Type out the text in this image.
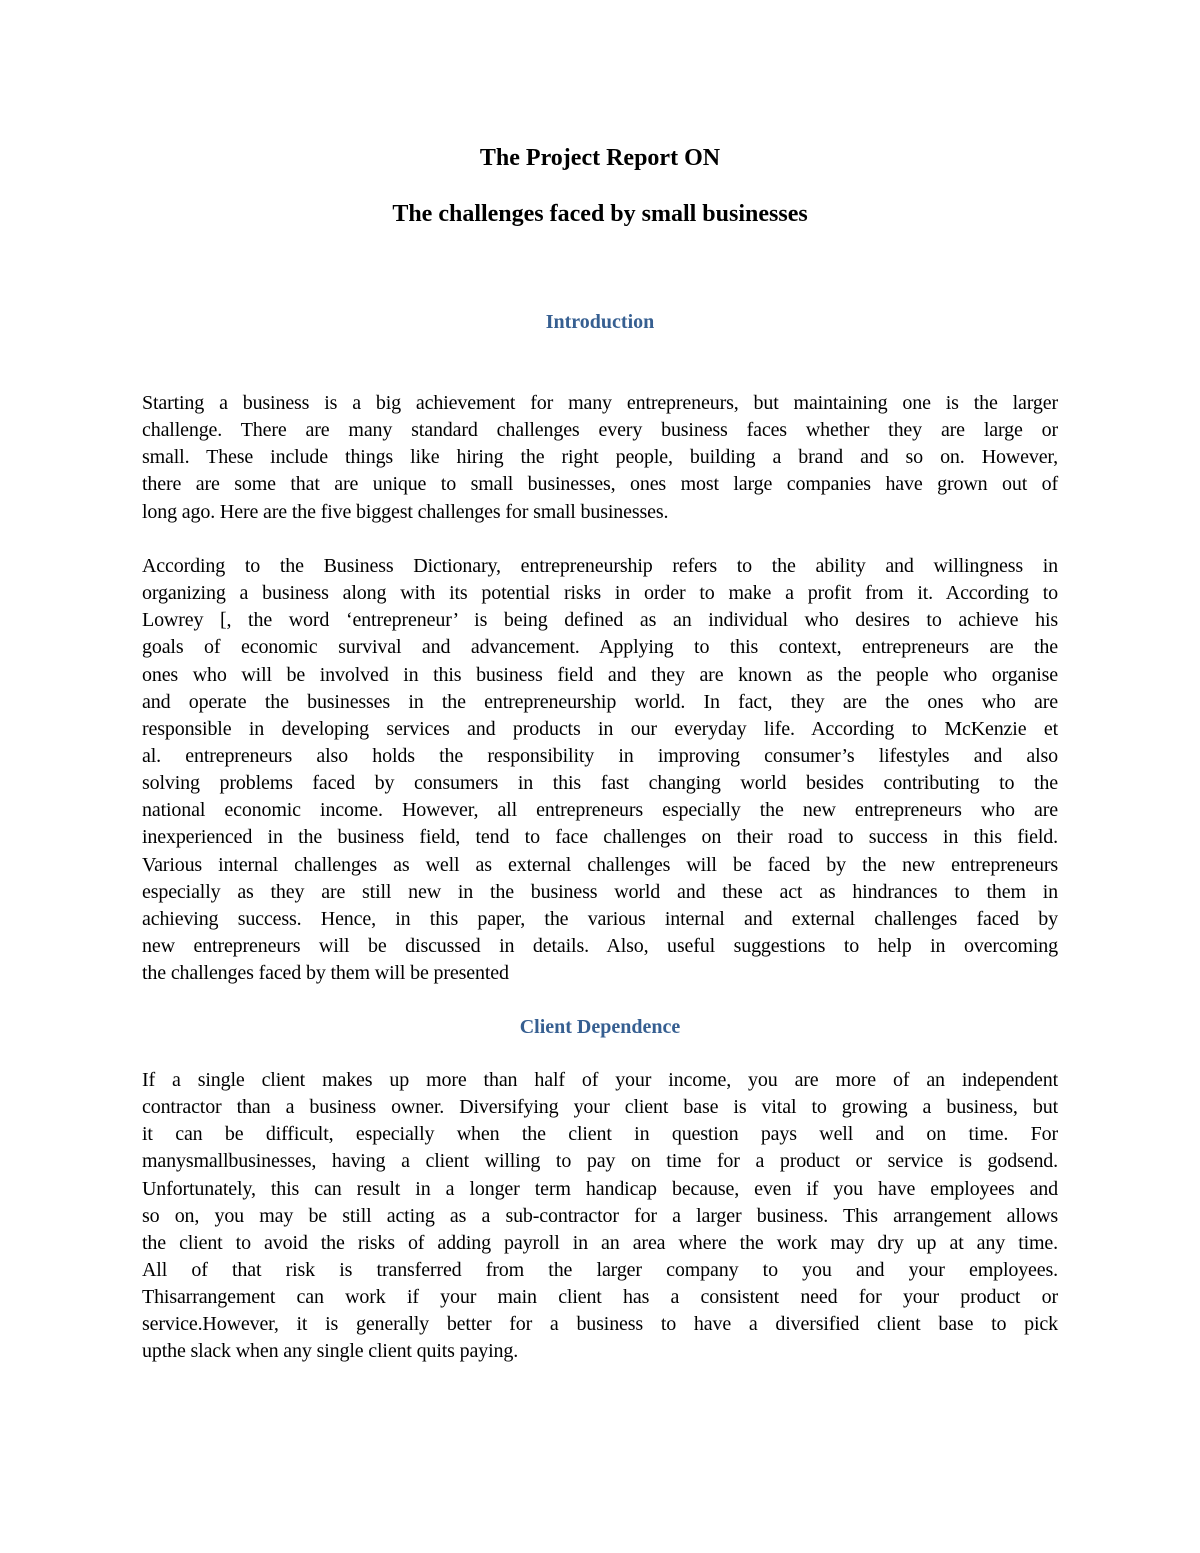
The Project Report ON
The challenges faced by small businesses
Introduction
Starting a business is a big achievement for many entrepreneurs, but maintaining one is the larger
challenge. There are many standard challenges every business faces whether they are large or
small. These include things like hiring the right people, building a brand and so on. However,
there are some that are unique to small businesses, ones most large companies have grown out of
long ago. Here are the five biggest challenges for small businesses.
According to the Business Dictionary, entrepreneurship refers to the ability and willingness in
organizing a business along with its potential risks in order to make a profit from it. According to
Lowrey [, the word ‘entrepreneur’ is being defined as an individual who desires to achieve his
goals of economic survival and advancement. Applying to this context, entrepreneurs are the
ones who will be involved in this business field and they are known as the people who organise
and operate the businesses in the entrepreneurship world. In fact, they are the ones who are
responsible in developing services and products in our everyday life. According to McKenzie et
al. entrepreneurs also holds the responsibility in improving consumer’s lifestyles and also
solving problems faced by consumers in this fast changing world besides contributing to the
national economic income. However, all entrepreneurs especially the new entrepreneurs who are
inexperienced in the business field, tend to face challenges on their road to success in this field.
Various internal challenges as well as external challenges will be faced by the new entrepreneurs
especially as they are still new in the business world and these act as hindrances to them in
achieving success. Hence, in this paper, the various internal and external challenges faced by
new entrepreneurs will be discussed in details. Also, useful suggestions to help in overcoming
the challenges faced by them will be presented
Client Dependence
If a single client makes up more than half of your income, you are more of an independent
contractor than a business owner. Diversifying your client base is vital to growing a business, but
it can be difficult, especially when the client in question pays well and on time. For
manysmallbusinesses, having a client willing to pay on time for a product or service is godsend.
Unfortunately, this can result in a longer term handicap because, even if you have employees and
so on, you may be still acting as a sub-contractor for a larger business. This arrangement allows
the client to avoid the risks of adding payroll in an area where the work may dry up at any time.
All of that risk is transferred from the larger company to you and your employees.
Thisarrangement can work if your main client has a consistent need for your product or
service.However, it is generally better for a business to have a diversified client base to pick
upthe slack when any single client quits paying.
